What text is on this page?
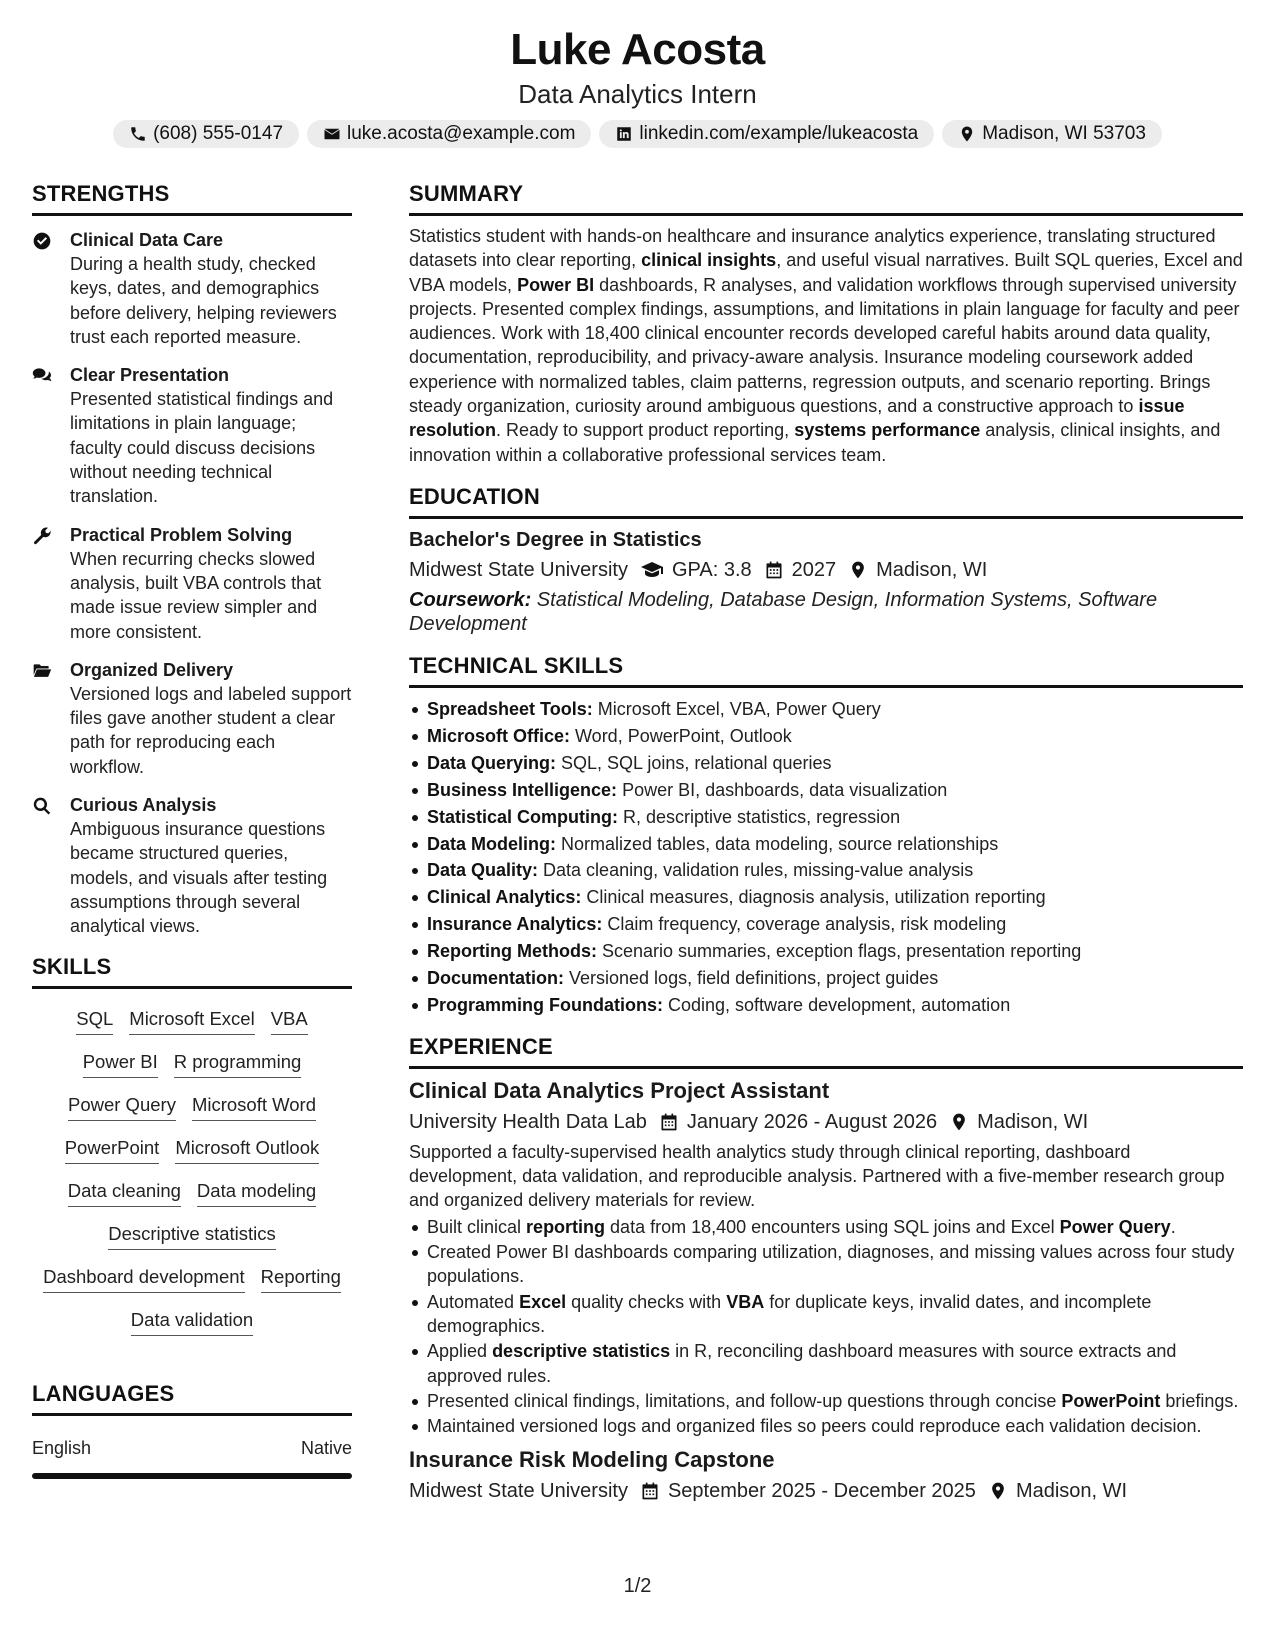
Luke Acosta
Data Analytics Intern
(608) 555-0147	luke.acosta@example.com	linkedin.com/example/lukeacosta	Madison, WI 53703
STRENGTHS
Clinical Data Care
During a health study, checked keys, dates, and demographics before delivery, helping reviewers trust each reported measure.
Clear Presentation
Presented statistical findings and limitations in plain language; faculty could discuss decisions without needing technical translation.
Practical Problem Solving
When recurring checks slowed analysis, built VBA controls that made issue review simpler and more consistent.
Organized Delivery
Versioned logs and labeled support files gave another student a clear path for reproducing each workflow.
Curious Analysis
Ambiguous insurance questions became structured queries, models, and visuals after testing assumptions through several analytical views.
SKILLS
SQL Microsoft Excel VBA
Power BI R programming
Power Query Microsoft Word
PowerPoint Microsoft Outlook
Data cleaning Data modeling
Descriptive statistics
Dashboard development Reporting
Data validation
LANGUAGES
English	Native
SUMMARY
Statistics student with hands-on healthcare and insurance analytics experience, translating structured datasets into clear reporting, clinical insights, and useful visual narratives. Built SQL queries, Excel and VBA models, Power BI dashboards, R analyses, and validation workflows through supervised university projects. Presented complex findings, assumptions, and limitations in plain language for faculty and peer audiences. Work with 18,400 clinical encounter records developed careful habits around data quality, documentation, reproducibility, and privacy-aware analysis. Insurance modeling coursework added experience with normalized tables, claim patterns, regression outputs, and scenario reporting. Brings steady organization, curiosity around ambiguous questions, and a constructive approach to issue resolution. Ready to support product reporting, systems performance analysis, clinical insights, and innovation within a collaborative professional services team.
EDUCATION
Bachelor's Degree in Statistics
Midwest State University GPA: 3.8 2027 Madison, WI
Coursework: Statistical Modeling, Database Design, Information Systems, Software Development
TECHNICAL SKILLS
Spreadsheet Tools: Microsoft Excel, VBA, Power Query
Microsoft Office: Word, PowerPoint, Outlook
Data Querying: SQL, SQL joins, relational queries
Business Intelligence: Power BI, dashboards, data visualization
Statistical Computing: R, descriptive statistics, regression
Data Modeling: Normalized tables, data modeling, source relationships
Data Quality: Data cleaning, validation rules, missing-value analysis
Clinical Analytics: Clinical measures, diagnosis analysis, utilization reporting
Insurance Analytics: Claim frequency, coverage analysis, risk modeling
Reporting Methods: Scenario summaries, exception flags, presentation reporting
Documentation: Versioned logs, field definitions, project guides
Programming Foundations: Coding, software development, automation
EXPERIENCE
Clinical Data Analytics Project Assistant
University Health Data Lab January 2026 - August 2026 Madison, WI
Supported a faculty-supervised health analytics study through clinical reporting, dashboard development, data validation, and reproducible analysis. Partnered with a five-member research group and organized delivery materials for review.
Built clinical reporting data from 18,400 encounters using SQL joins and Excel Power Query.
Created Power BI dashboards comparing utilization, diagnoses, and missing values across four study populations.
Automated Excel quality checks with VBA for duplicate keys, invalid dates, and incomplete demographics.
Applied descriptive statistics in R, reconciling dashboard measures with source extracts and approved rules.
Presented clinical findings, limitations, and follow-up questions through concise PowerPoint briefings.
Maintained versioned logs and organized files so peers could reproduce each validation decision.
Insurance Risk Modeling Capstone
Midwest State University September 2025 - December 2025 Madison, WI
1/2
